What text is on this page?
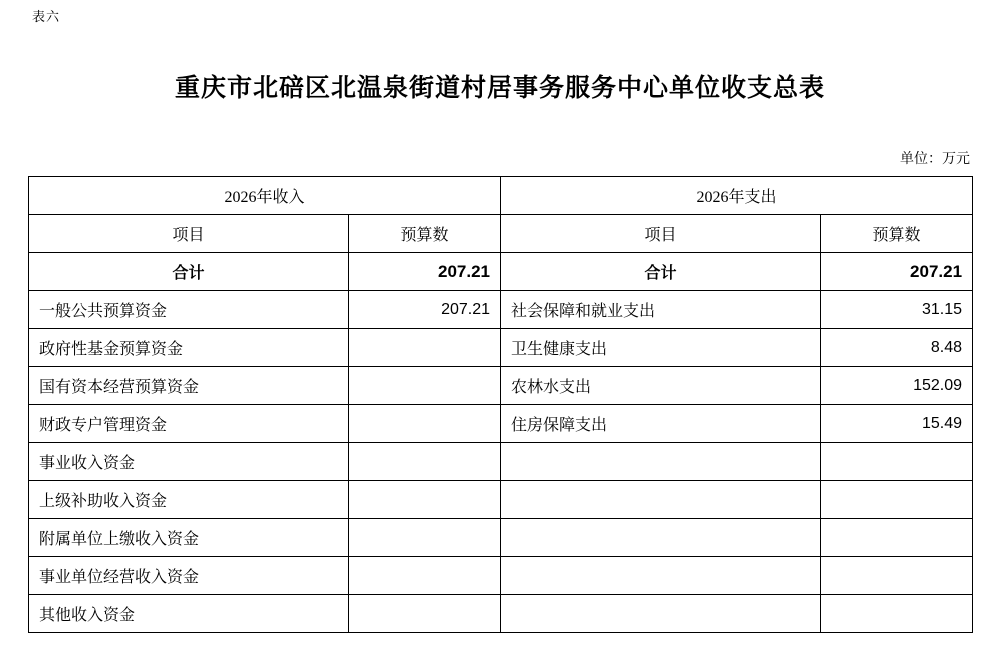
表六
重庆市北碚区北温泉街道村居事务服务中心单位收支总表
单位：万元
2026年收入		2026年支出	
项目	预算数	项目	预算数
合计	207.21	合计	207.21
一般公共预算资金	207.21	社会保障和就业支出	31.15
政府性基金预算资金		卫生健康支出	8.48
国有资本经营预算资金		农林水支出	152.09
财政专户管理资金		住房保障支出	15.49
事业收入资金			
上级补助收入资金			
附属单位上缴收入资金			
事业单位经营收入资金			
其他收入资金			
